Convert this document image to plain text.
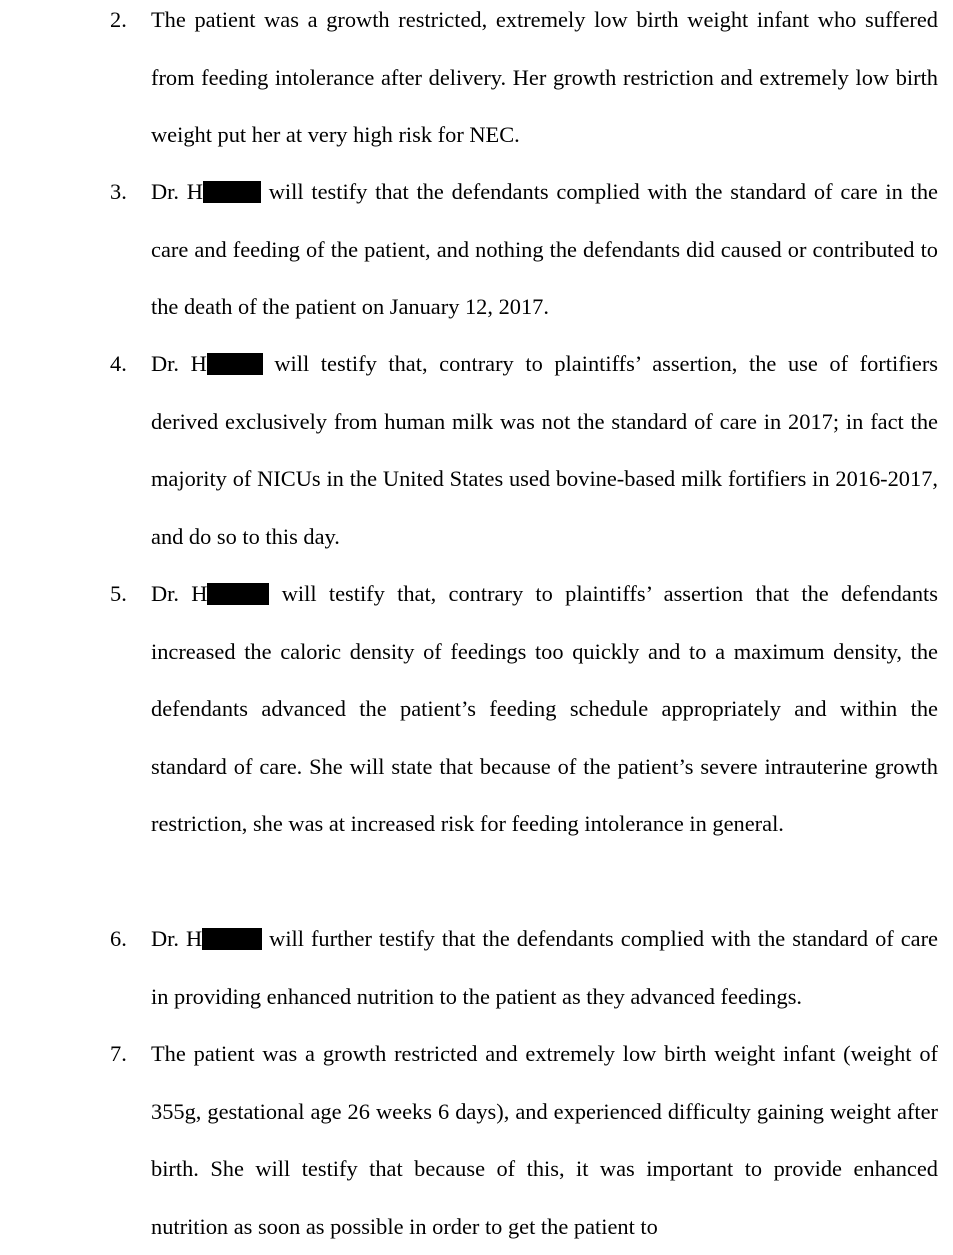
2. The patient was a growth restricted, extremely low birth weight infant who suffered from feeding intolerance after delivery. Her growth restriction and extremely low birth weight put her at very high risk for NEC.

3. Dr. H	will testify that the defendants complied with the standard of care in the care and feeding of the patient, and nothing the defendants did caused or contributed to the death of the patient on January 12, 2017.

4. Dr. H	will testify that, contrary to plaintiffs’ assertion, the use of fortifiers derived exclusively from human milk was not the standard of care in 2017; in fact the majority of NICUs in the United States used bovine-based milk fortifiers in 2016-2017, and do so to this day.

5. Dr. H	will testify that, contrary to plaintiffs’ assertion that the defendants increased the caloric density of feedings too quickly and to a maximum density, the defendants advanced the patient’s feeding schedule appropriately and within the standard of care. She will state that because of the patient’s severe intrauterine growth restriction, she was at increased risk for feeding intolerance in general.

6. Dr. H	will further testify that the defendants complied with the standard of care in providing enhanced nutrition to the patient as they advanced feedings.

7. The patient was a growth restricted and extremely low birth weight infant (weight of 355g, gestational age 26 weeks 6 days), and experienced difficulty gaining weight after birth. She will testify that because of this, it was important to provide enhanced nutrition as soon as possible in order to get the patient to
